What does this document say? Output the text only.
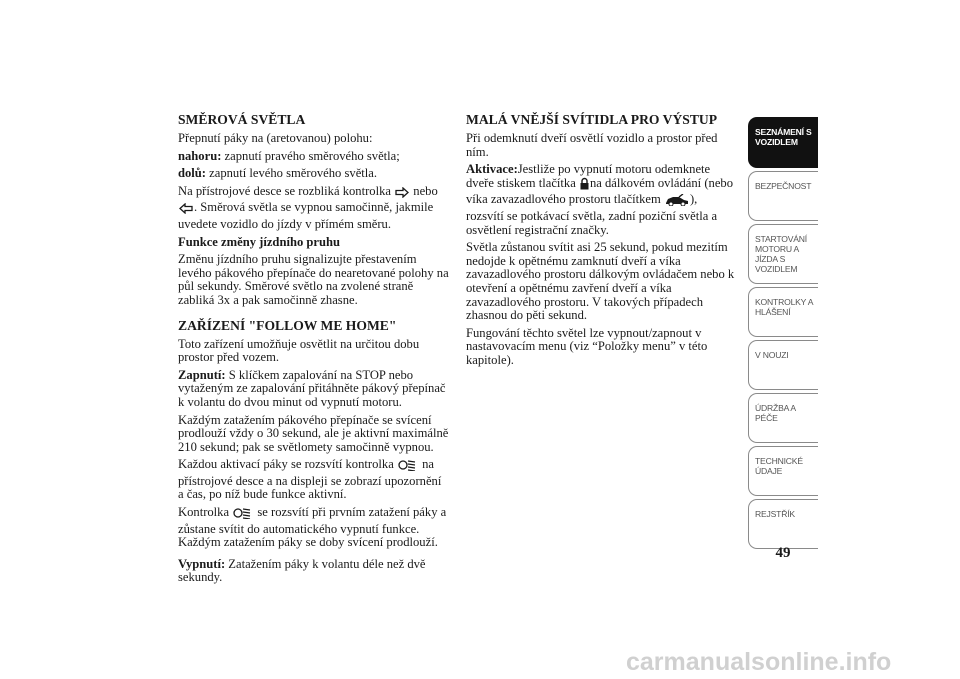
SMĚROVÁ SVĚTLA

Přepnutí páky na (aretovanou) polohu:

nahoru: zapnutí pravého směrového světla;

dolů: zapnutí levého směrového světla.

Na přístrojové desce se rozbliká kontrolka nebo . Směrová světla se vypnou samočinně, jakmile uvedete vozidlo do jízdy v přímém směru.

Funkce změny jízdního pruhu

Změnu jízdního pruhu signalizujte přestavením levého pákového přepínače do nearetované polohy na půl sekundy. Směrové světlo na zvolené straně zabliká 3x a pak samočinně zhasne.

ZAŘÍZENÍ "FOLLOW ME HOME"

Toto zařízení umožňuje osvětlit na určitou dobu prostor před vozem.

Zapnutí: S klíčkem zapalování na STOP nebo vytaženým ze zapalování přitáhněte pákový přepínač k volantu do dvou minut od vypnutí motoru.

Každým zatažením pákového přepínače se svícení prodlouží vždy o 30 sekund, ale je aktivní maximálně 210 sekund; pak se světlomety samočinně vypnou.

Každou aktivací páky se rozsvítí kontrolka na přístrojové desce a na displeji se zobrazí upozornění a čas, po níž bude funkce aktivní.

Kontrolka se rozsvítí při prvním zatažení páky a zůstane svítit do automatického vypnutí funkce. Každým zatažením páky se doby svícení prodlouží.

Vypnutí: Zatažením páky k volantu déle než dvě sekundy.

MALÁ VNĚJŠÍ SVÍTIDLA PRO VÝSTUP

Při odemknutí dveří osvětlí vozidlo a prostor před ním.

Aktivace:Jestliže po vypnutí motoru odemknete dveře stiskem tlačítka na dálkovém ovládání (nebo víka zavazadlového prostoru tlačítkem ), rozsvítí se potkávací světla, zadní poziční světla a osvětlení registrační značky.

Světla zůstanou svítit asi 25 sekund, pokud mezitím nedojde k opětnému zamknutí dveří a víka zavazadlového prostoru dálkovým ovládačem nebo k otevření a opětnému zavření dveří a víka zavazadlového prostoru. V takových případech zhasnou do pěti sekund.

Fungování těchto světel lze vypnout/zapnout v nastavovacím menu (viz “Položky menu” v této kapitole).

SEZNÁMENÍ S VOZIDLEM
BEZPEČNOST
STARTOVÁNÍ MOTORU A JÍZDA S VOZIDLEM
KONTROLKY A HLÁŠENÍ
V NOUZI
ÚDRŽBA A PÉČE
TECHNICKÉ ÚDAJE
REJSTŘÍK
49
carmanualsonline.info
